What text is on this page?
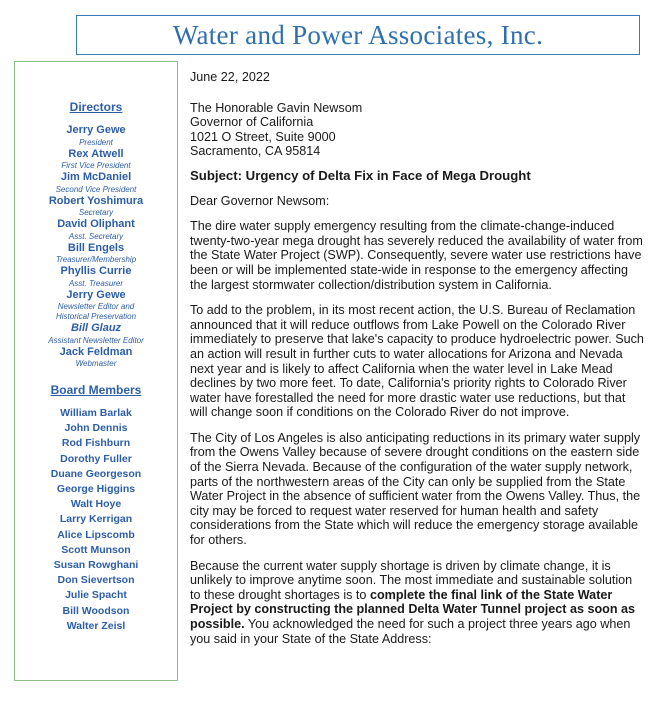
Water and Power Associates, Inc.
Directors
Jerry Gewe
President
Rex Atwell
First Vice President
Jim McDaniel
Second Vice President
Robert Yoshimura
Secretary
David Oliphant
Asst. Secretary
Bill Engels
Treasurer/Membership
Phyllis Currie
Asst. Treasurer
Jerry Gewe
Newsletter Editor and
Historical Preservation
Bill Glauz
Assistant Newsletter Editor
Jack Feldman
Webmaster
Board Members
William Barlak
John Dennis
Rod Fishburn
Dorothy Fuller
Duane Georgeson
George Higgins
Walt Hoye
Larry Kerrigan
Alice Lipscomb
Scott Munson
Susan Rowghani
Don Sievertson
Julie Spacht
Bill Woodson
Walter Zeisl

June 22, 2022

The Honorable Gavin Newsom
Governor of California
1021 O Street, Suite 9000
Sacramento, CA 95814

Subject: Urgency of Delta Fix in Face of Mega Drought

Dear Governor Newsom:

The dire water supply emergency resulting from the climate-change-induced twenty-two-year mega drought has severely reduced the availability of water from the State Water Project (SWP). Consequently, severe water use restrictions have been or will be implemented state-wide in response to the emergency affecting the largest stormwater collection/distribution system in California.

To add to the problem, in its most recent action, the U.S. Bureau of Reclamation announced that it will reduce outflows from Lake Powell on the Colorado River immediately to preserve that lake's capacity to produce hydroelectric power. Such an action will result in further cuts to water allocations for Arizona and Nevada next year and is likely to affect California when the water level in Lake Mead declines by two more feet. To date, California's priority rights to Colorado River water have forestalled the need for more drastic water use reductions, but that will change soon if conditions on the Colorado River do not improve.

The City of Los Angeles is also anticipating reductions in its primary water supply from the Owens Valley because of severe drought conditions on the eastern side of the Sierra Nevada. Because of the configuration of the water supply network, parts of the northwestern areas of the City can only be supplied from the State Water Project in the absence of sufficient water from the Owens Valley. Thus, the city may be forced to request water reserved for human health and safety considerations from the State which will reduce the emergency storage available for others.

Because the current water supply shortage is driven by climate change, it is unlikely to improve anytime soon. The most immediate and sustainable solution to these drought shortages is to complete the final link of the State Water Project by constructing the planned Delta Water Tunnel project as soon as possible. You acknowledged the need for such a project three years ago when you said in your State of the State Address:
